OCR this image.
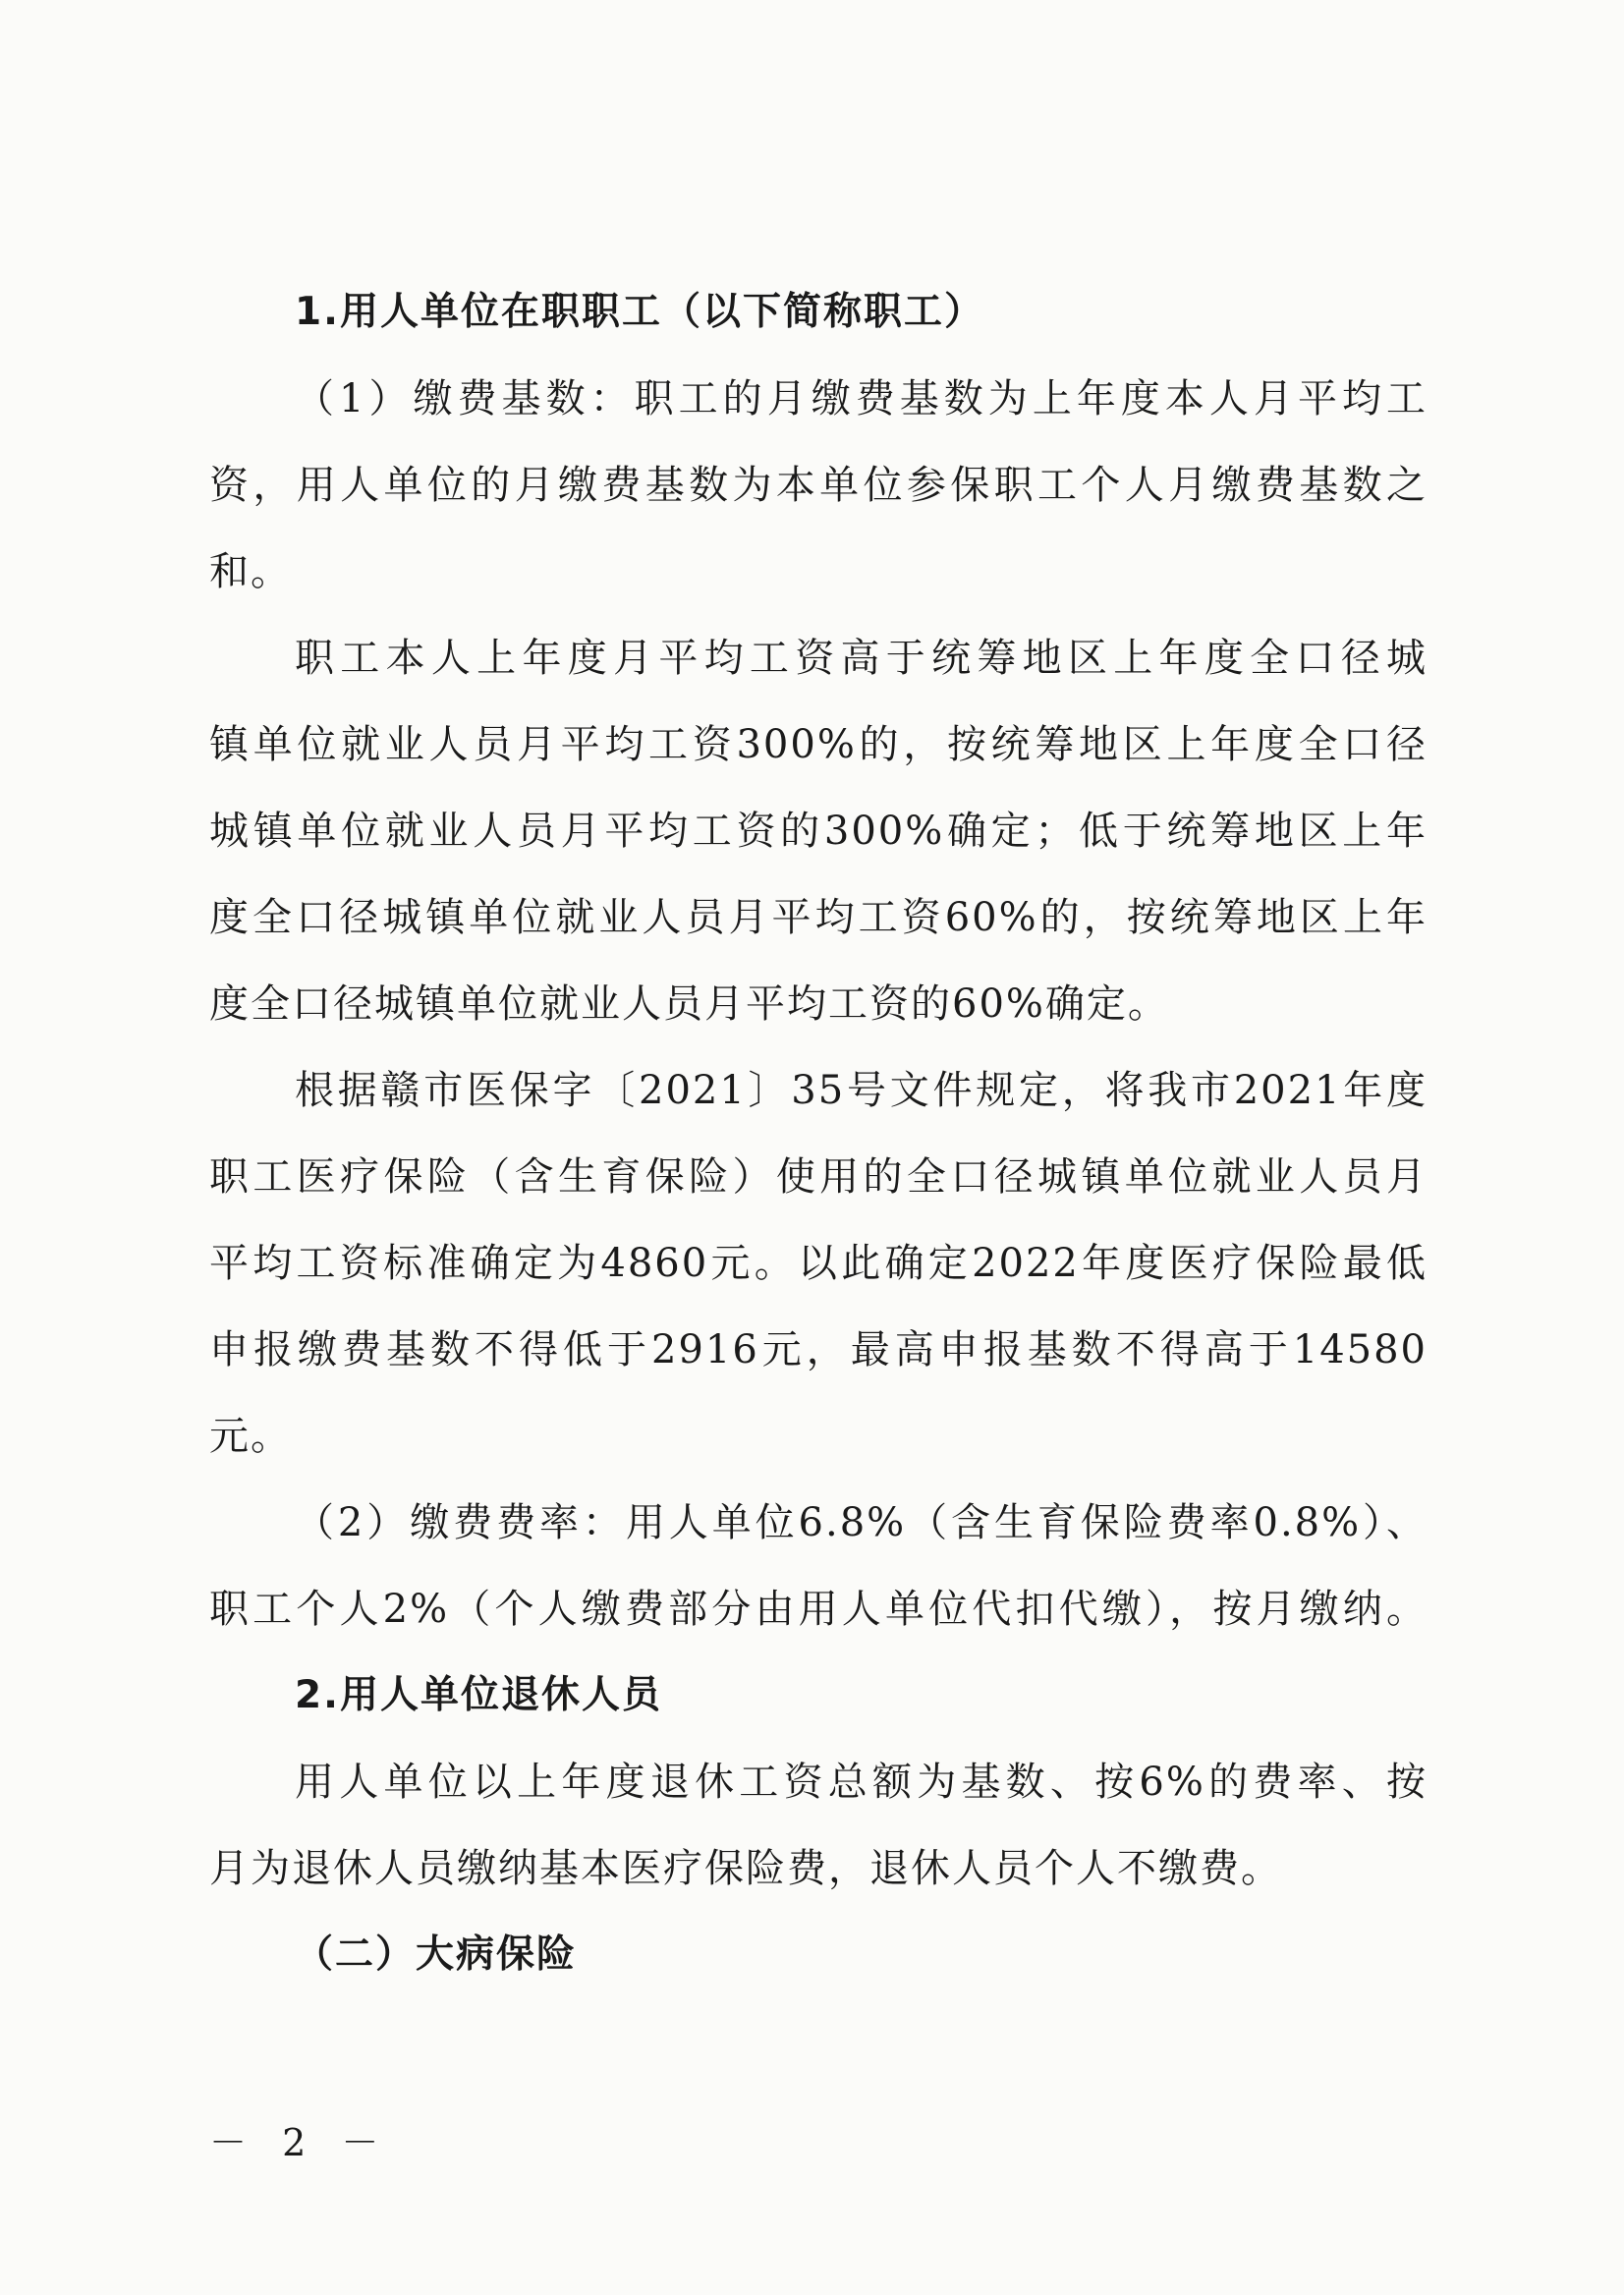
1.用人单位在职职工（以下简称职工）
（1）缴费基数：职工的月缴费基数为上年度本人月平均工
资，用人单位的月缴费基数为本单位参保职工个人月缴费基数之
和。
职工本人上年度月平均工资高于统筹地区上年度全口径城
镇单位就业人员月平均工资300%的，按统筹地区上年度全口径
城镇单位就业人员月平均工资的300%确定；低于统筹地区上年
度全口径城镇单位就业人员月平均工资60%的，按统筹地区上年
度全口径城镇单位就业人员月平均工资的60%确定。
根据赣市医保字〔2021〕35号文件规定，将我市2021年度
职工医疗保险（含生育保险）使用的全口径城镇单位就业人员月
平均工资标准确定为4860元。以此确定2022年度医疗保险最低
申报缴费基数不得低于2916元，最高申报基数不得高于14580
元。
（2）缴费费率：用人单位6.8%（含生育保险费率0.8%）、
职工个人2%（个人缴费部分由用人单位代扣代缴），按月缴纳。
2.用人单位退休人员
用人单位以上年度退休工资总额为基数、按6%的费率、按
月为退休人员缴纳基本医疗保险费，退休人员个人不缴费。
（二）大病保险
－ 2 －
